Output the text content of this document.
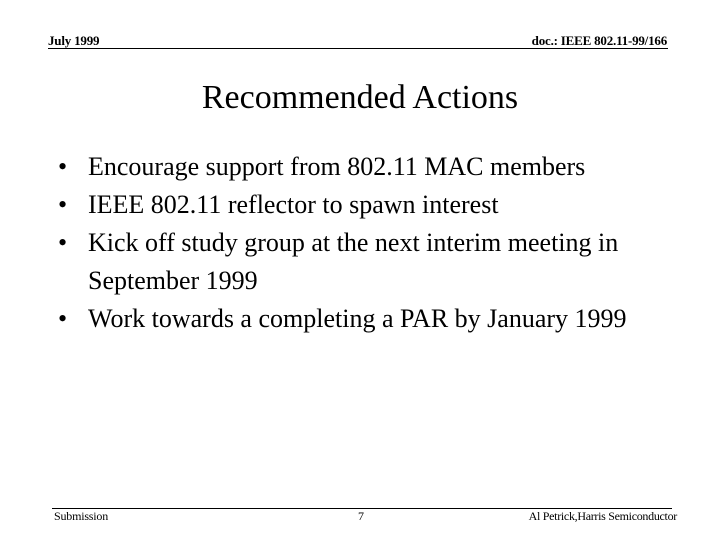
July 1999	doc.: IEEE 802.11-99/166
Recommended Actions
• Encourage support from 802.11 MAC members
• IEEE 802.11 reflector to spawn interest
• Kick off study group at the next interim meeting in September 1999
• Work towards a completing a PAR by January 1999
Submission	7	Al Petrick,Harris Semiconductor
